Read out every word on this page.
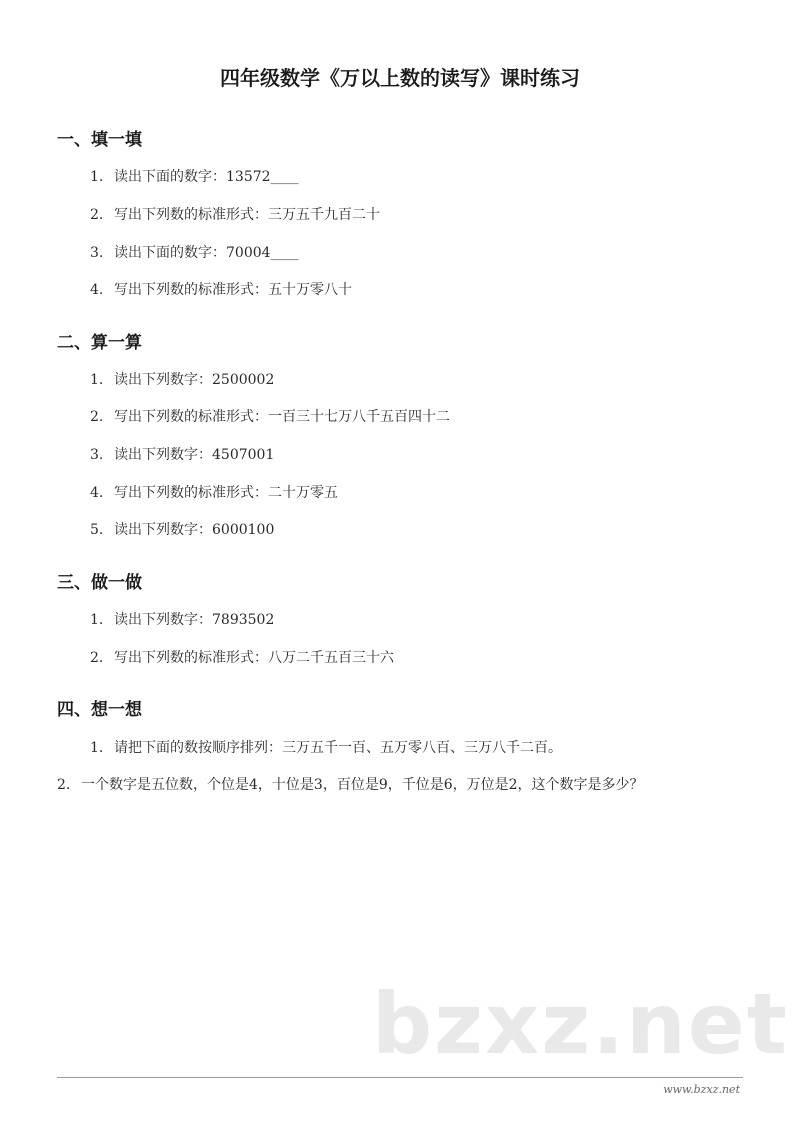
四年级数学《万以上数的读写》课时练习
一、填一填
1. 读出下面的数字：13572____
2. 写出下列数的标准形式：三万五千九百二十
3. 读出下面的数字：70004____
4. 写出下列数的标准形式：五十万零八十
二、算一算
1. 读出下列数字：2500002
2. 写出下列数的标准形式：一百三十七万八千五百四十二
3. 读出下列数字：4507001
4. 写出下列数的标准形式：二十万零五
5. 读出下列数字：6000100
三、做一做
1. 读出下列数字：7893502
2. 写出下列数的标准形式：八万二千五百三十六
四、想一想
1. 请把下面的数按顺序排列：三万五千一百、五万零八百、三万八千二百。
2. 一个数字是五位数，个位是4，十位是3，百位是9，千位是6，万位是2，这个数字是多少？
bzxz.net
www.bzxz.net
